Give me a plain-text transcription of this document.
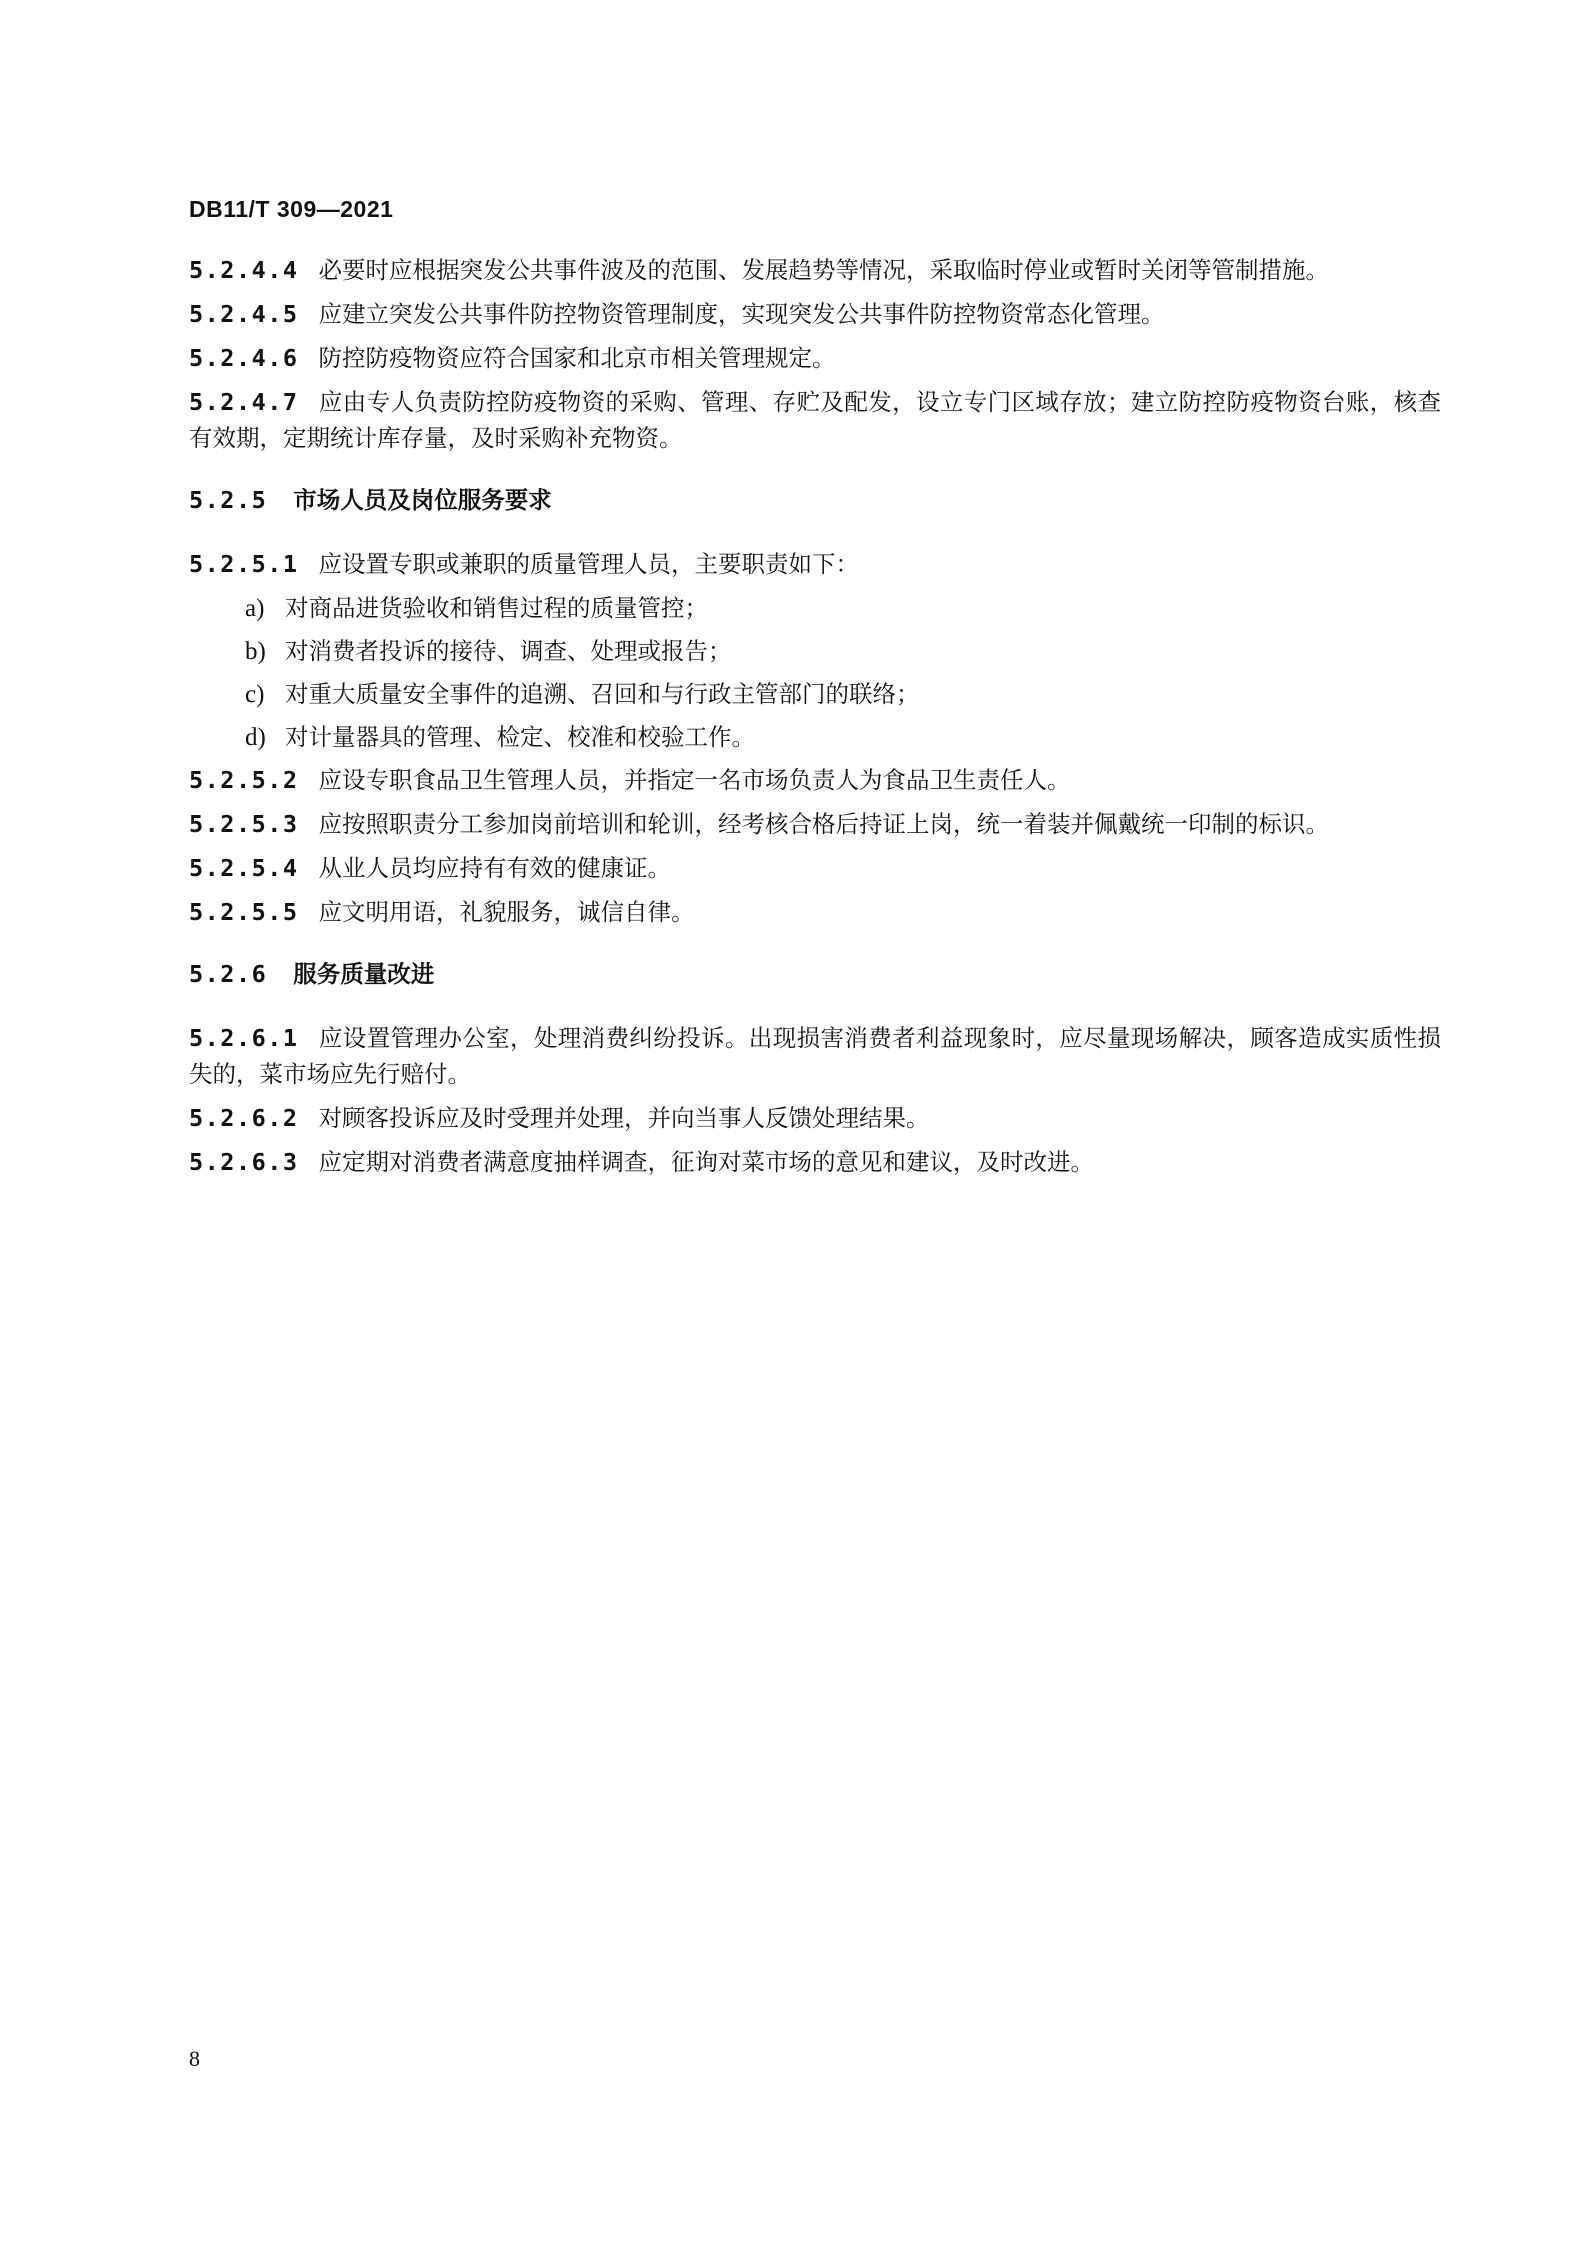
DB11/T 309—2021

5.2.4.4 必要时应根据突发公共事件波及的范围、发展趋势等情况，采取临时停业或暂时关闭等管制措施。

5.2.4.5 应建立突发公共事件防控物资管理制度，实现突发公共事件防控物资常态化管理。

5.2.4.6 防控防疫物资应符合国家和北京市相关管理规定。

5.2.4.7 应由专人负责防控防疫物资的采购、管理、存贮及配发，设立专门区域存放；建立防控防疫物资台账，核查有效期，定期统计库存量，及时采购补充物资。

5.2.5 市场人员及岗位服务要求

5.2.5.1 应设置专职或兼职的质量管理人员，主要职责如下：

a) 对商品进货验收和销售过程的质量管控；
b) 对消费者投诉的接待、调查、处理或报告；
c) 对重大质量安全事件的追溯、召回和与行政主管部门的联络；
d) 对计量器具的管理、检定、校准和校验工作。

5.2.5.2 应设专职食品卫生管理人员，并指定一名市场负责人为食品卫生责任人。

5.2.5.3 应按照职责分工参加岗前培训和轮训，经考核合格后持证上岗，统一着装并佩戴统一印制的标识。

5.2.5.4 从业人员均应持有有效的健康证。

5.2.5.5 应文明用语，礼貌服务，诚信自律。

5.2.6 服务质量改进

5.2.6.1 应设置管理办公室，处理消费纠纷投诉。出现损害消费者利益现象时，应尽量现场解决，顾客造成实质性损失的，菜市场应先行赔付。

5.2.6.2 对顾客投诉应及时受理并处理，并向当事人反馈处理结果。

5.2.6.3 应定期对消费者满意度抽样调查，征询对菜市场的意见和建议，及时改进。

8
